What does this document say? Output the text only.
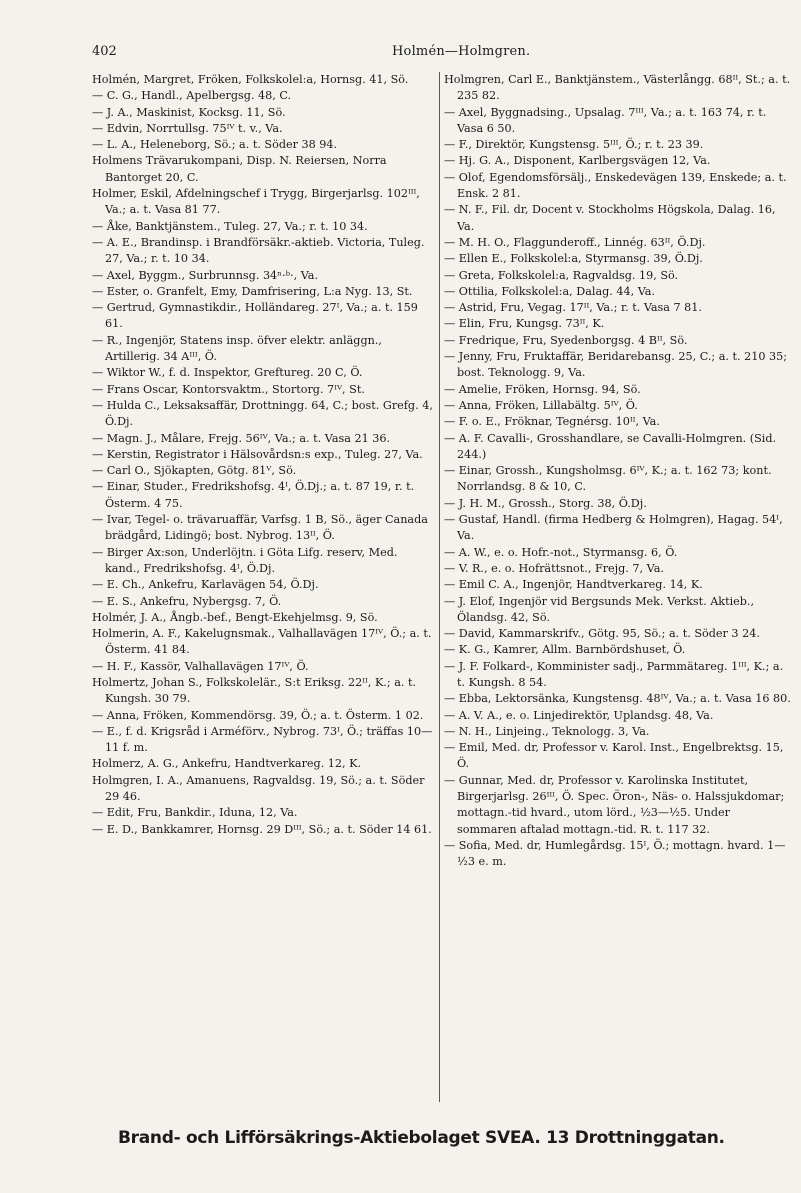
402	Holmén—Holmgren.
Holmén, Margret, Fröken, Folkskolel:a, Hornsg. 41, Sö.
— C. G., Handl., Apelbergsg. 48, C.
— J. A., Maskinist, Kocksg. 11, Sö.
— Edvin, Norrtullsg. 75ᴵⱽ t. v., Va.
— L. A., Heleneborg, Sö.; a. t. Söder 38 94.
Holmens Trävarukompani, Disp. N. Reiersen, Norra Bantorget 20, C.
Holmer, Eskil, Afdelningschef i Trygg, Birgerjarlsg. 102ᴵᴵᴵ, Va.; a. t. Vasa 81 77.
— Åke, Banktjänstem., Tuleg. 27, Va.; r. t. 10 34.
— A. E., Brandinsp. i Brandförsäkr.-aktieb. Victoria, Tuleg. 27, Va.; r. t. 10 34.
— Axel, Byggm., Surbrunnsg. 34ⁿ·ᵇ·, Va.
— Ester, o. Granfelt, Emy, Damfrisering, L:a Nyg. 13, St.
— Gertrud, Gymnastikdir., Holländareg. 27ᴵ, Va.; a. t. 159 61.
— R., Ingenjör, Statens insp. öfver elektr. anläggn., Artillerig. 34 Aᴵᴵᴵ, Ö.
— Wiktor W., f. d. Inspektor, Greftureg. 20 C, Ö.
— Frans Oscar, Kontorsvaktm., Stortorg. 7ᴵⱽ, St.
— Hulda C., Leksaksaffär, Drottningg. 64, C.; bost. Grefg. 4, Ö.Dj.
— Magn. J., Målare, Frejg. 56ᴵⱽ, Va.; a. t. Vasa 21 36.
— Kerstin, Registrator i Hälsovårdsn:s exp., Tuleg. 27, Va.
— Carl O., Sjökapten, Götg. 81ⱽ, Sö.
— Einar, Studer., Fredrikshofsg. 4ᴵ, Ö.Dj.; a. t. 87 19, r. t. Österm. 4 75.
— Ivar, Tegel- o. trävaruaffär, Varfsg. 1 B, Sö., äger Canada brädgård, Lidingö; bost. Nybrog. 13ᴵᴵ, Ö.
— Birger Ax:son, Underlöjtn. i Göta Lifg. reserv, Med. kand., Fredrikshofsg. 4ᴵ, Ö.Dj.
— E. Ch., Ankefru, Karlavägen 54, Ö.Dj.
— E. S., Ankefru, Nybergsg. 7, Ö.
Holmér, J. A., Ångb.-bef., Bengt-Ekehjelmsg. 9, Sö.
Holmerin, A. F., Kakelugnsmak., Valhallavägen 17ᴵⱽ, Ö.; a. t. Österm. 41 84.
— H. F., Kassör, Valhallavägen 17ᴵⱽ, Ö.
Holmertz, Johan S., Folkskolelär., S:t Eriksg. 22ᴵᴵ, K.; a. t. Kungsh. 30 79.
— Anna, Fröken, Kommendörsg. 39, Ö.; a. t. Österm. 1 02.
— E., f. d. Krigsråd i Arméförv., Nybrog. 73ᴵ, Ö.; träffas 10—11 f. m.
Holmerz, A. G., Ankefru, Handtverkareg. 12, K.
Holmgren, I. A., Amanuens, Ragvaldsg. 19, Sö.; a. t. Söder 29 46.
— Edit, Fru, Bankdir., Iduna, 12, Va.
— E. D., Bankkamrer, Hornsg. 29 Dᴵᴵᴵ, Sö.; a. t. Söder 14 61.
Holmgren, Carl E., Banktjänstem., Västerlångg. 68ᴵᴵ, St.; a. t. 235 82.
— Axel, Byggnadsing., Upsalag. 7ᴵᴵᴵ, Va.; a. t. 163 74, r. t. Vasa 6 50.
— F., Direktör, Kungstensg. 5ᴵᴵᴵ, Ö.; r. t. 23 39.
— Hj. G. A., Disponent, Karlbergsvägen 12, Va.
— Olof, Egendomsförsälj., Enskedevägen 139, Enskede; a. t. Ensk. 2 81.
— N. F., Fil. dr, Docent v. Stockholms Högskola, Dalag. 16, Va.
— M. H. O., Flaggunderoff., Linnég. 63ᴵᴵ, Ö.Dj.
— Ellen E., Folkskolel:a, Styrmansg. 39, Ö.Dj.
— Greta, Folkskolel:a, Ragvaldsg. 19, Sö.
— Ottilia, Folkskolel:a, Dalag. 44, Va.
— Astrid, Fru, Vegag. 17ᴵᴵ, Va.; r. t. Vasa 7 81.
— Elin, Fru, Kungsg. 73ᴵᴵ, K.
— Fredrique, Fru, Syedenborgsg. 4 Bᴵᴵ, Sö.
— Jenny, Fru, Fruktaffär, Beridarebansg. 25, C.; a. t. 210 35; bost. Teknologg. 9, Va.
— Amelie, Fröken, Hornsg. 94, Sö.
— Anna, Fröken, Lillabältg. 5ᴵⱽ, Ö.
— F. o. E., Fröknar, Tegnérsg. 10ᴵᴵ, Va.
— A. F. Cavalli-, Grosshandlare, se Cavalli-Holmgren. (Sid. 244.)
— Einar, Grossh., Kungsholmsg. 6ᴵⱽ, K.; a. t. 162 73; kont. Norrlandsg. 8 & 10, C.
— J. H. M., Grossh., Storg. 38, Ö.Dj.
— Gustaf, Handl. (firma Hedberg & Holmgren), Hagag. 54ᴵ, Va.
— A. W., e. o. Hofr.-not., Styrmansg. 6, Ö.
— V. R., e. o. Hofrättsnot., Frejg. 7, Va.
— Emil C. A., Ingenjör, Handtverkareg. 14, K.
— J. Elof, Ingenjör vid Bergsunds Mek. Verkst. Aktieb., Ölandsg. 42, Sö.
— David, Kammarskrifv., Götg. 95, Sö.; a. t. Söder 3 24.
— K. G., Kamrer, Allm. Barnbördshuset, Ö.
— J. F. Folkard-, Komminister sadj., Parmmätareg. 1ᴵᴵᴵ, K.; a. t. Kungsh. 8 54.
— Ebba, Lektorsänka, Kungstensg. 48ᴵⱽ, Va.; a. t. Vasa 16 80.
— A. V. A., e. o. Linjedirektör, Uplandsg. 48, Va.
— N. H., Linjeing., Teknologg. 3, Va.
— Emil, Med. dr, Professor v. Karol. Inst., Engelbrektsg. 15, Ö.
— Gunnar, Med. dr, Professor v. Karolinska Institutet, Birgerjarlsg. 26ᴵᴵᴵ, Ö. Spec. Öron-, Näs- o. Halssjukdomar; mottagn.-tid hvard., utom lörd., ½3—½5. Under sommaren aftalad mottagn.-tid. R. t. 117 32.
— Sofia, Med. dr, Humlegårdsg. 15ᴵ, Ö.; mottagn. hvard. 1—½3 e. m.
Brand- och Lifförsäkrings-Aktiebolaget SVEA. 13 Drottninggatan.
